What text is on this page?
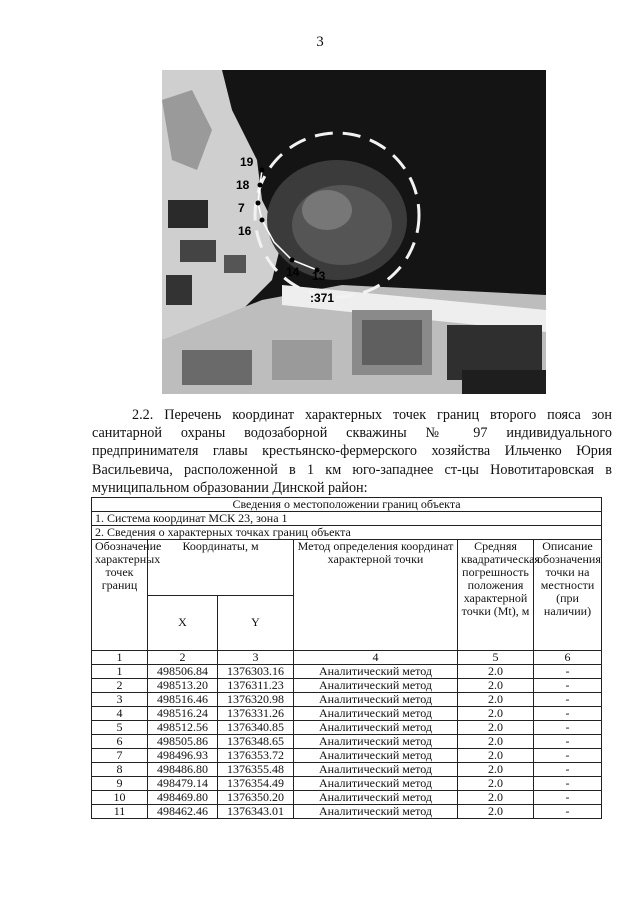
3
19
18
7
16
14 13
:371
2.2. Перечень координат характерных точек границ второго пояса зон санитарной охраны водозаборной скважины № 97 индивидуального предпринимателя главы крестьянско-фермерского хозяйства Ильченко Юрия Васильевича, расположенной в 1 км юго-западнее ст-цы Новотитаровская в муниципальном образовании Динской район:
Сведения о местоположении границ объекта					
1. Система координат МСК 23, зона 1					
2. Сведения о характерных точках границ объекта					
Обозначение характерных точек границ	Координаты, м		Метод определения координат характерной точки	Средняя квадратическая погрешность положения характерной точки (Mt), м	Описание обозначения точки на местности (при наличии)
	X	Y			
1	2	3	4	5	6
1	498506.84	1376303.16	Аналитический метод	2.0	-
2	498513.20	1376311.23	Аналитический метод	2.0	-
3	498516.46	1376320.98	Аналитический метод	2.0	-
4	498516.24	1376331.26	Аналитический метод	2.0	-
5	498512.56	1376340.85	Аналитический метод	2.0	-
6	498505.86	1376348.65	Аналитический метод	2.0	-
7	498496.93	1376353.72	Аналитический метод	2.0	-
8	498486.80	1376355.48	Аналитический метод	2.0	-
9	498479.14	1376354.49	Аналитический метод	2.0	-
10	498469.80	1376350.20	Аналитический метод	2.0	-
11	498462.46	1376343.01	Аналитический метод	2.0	-
